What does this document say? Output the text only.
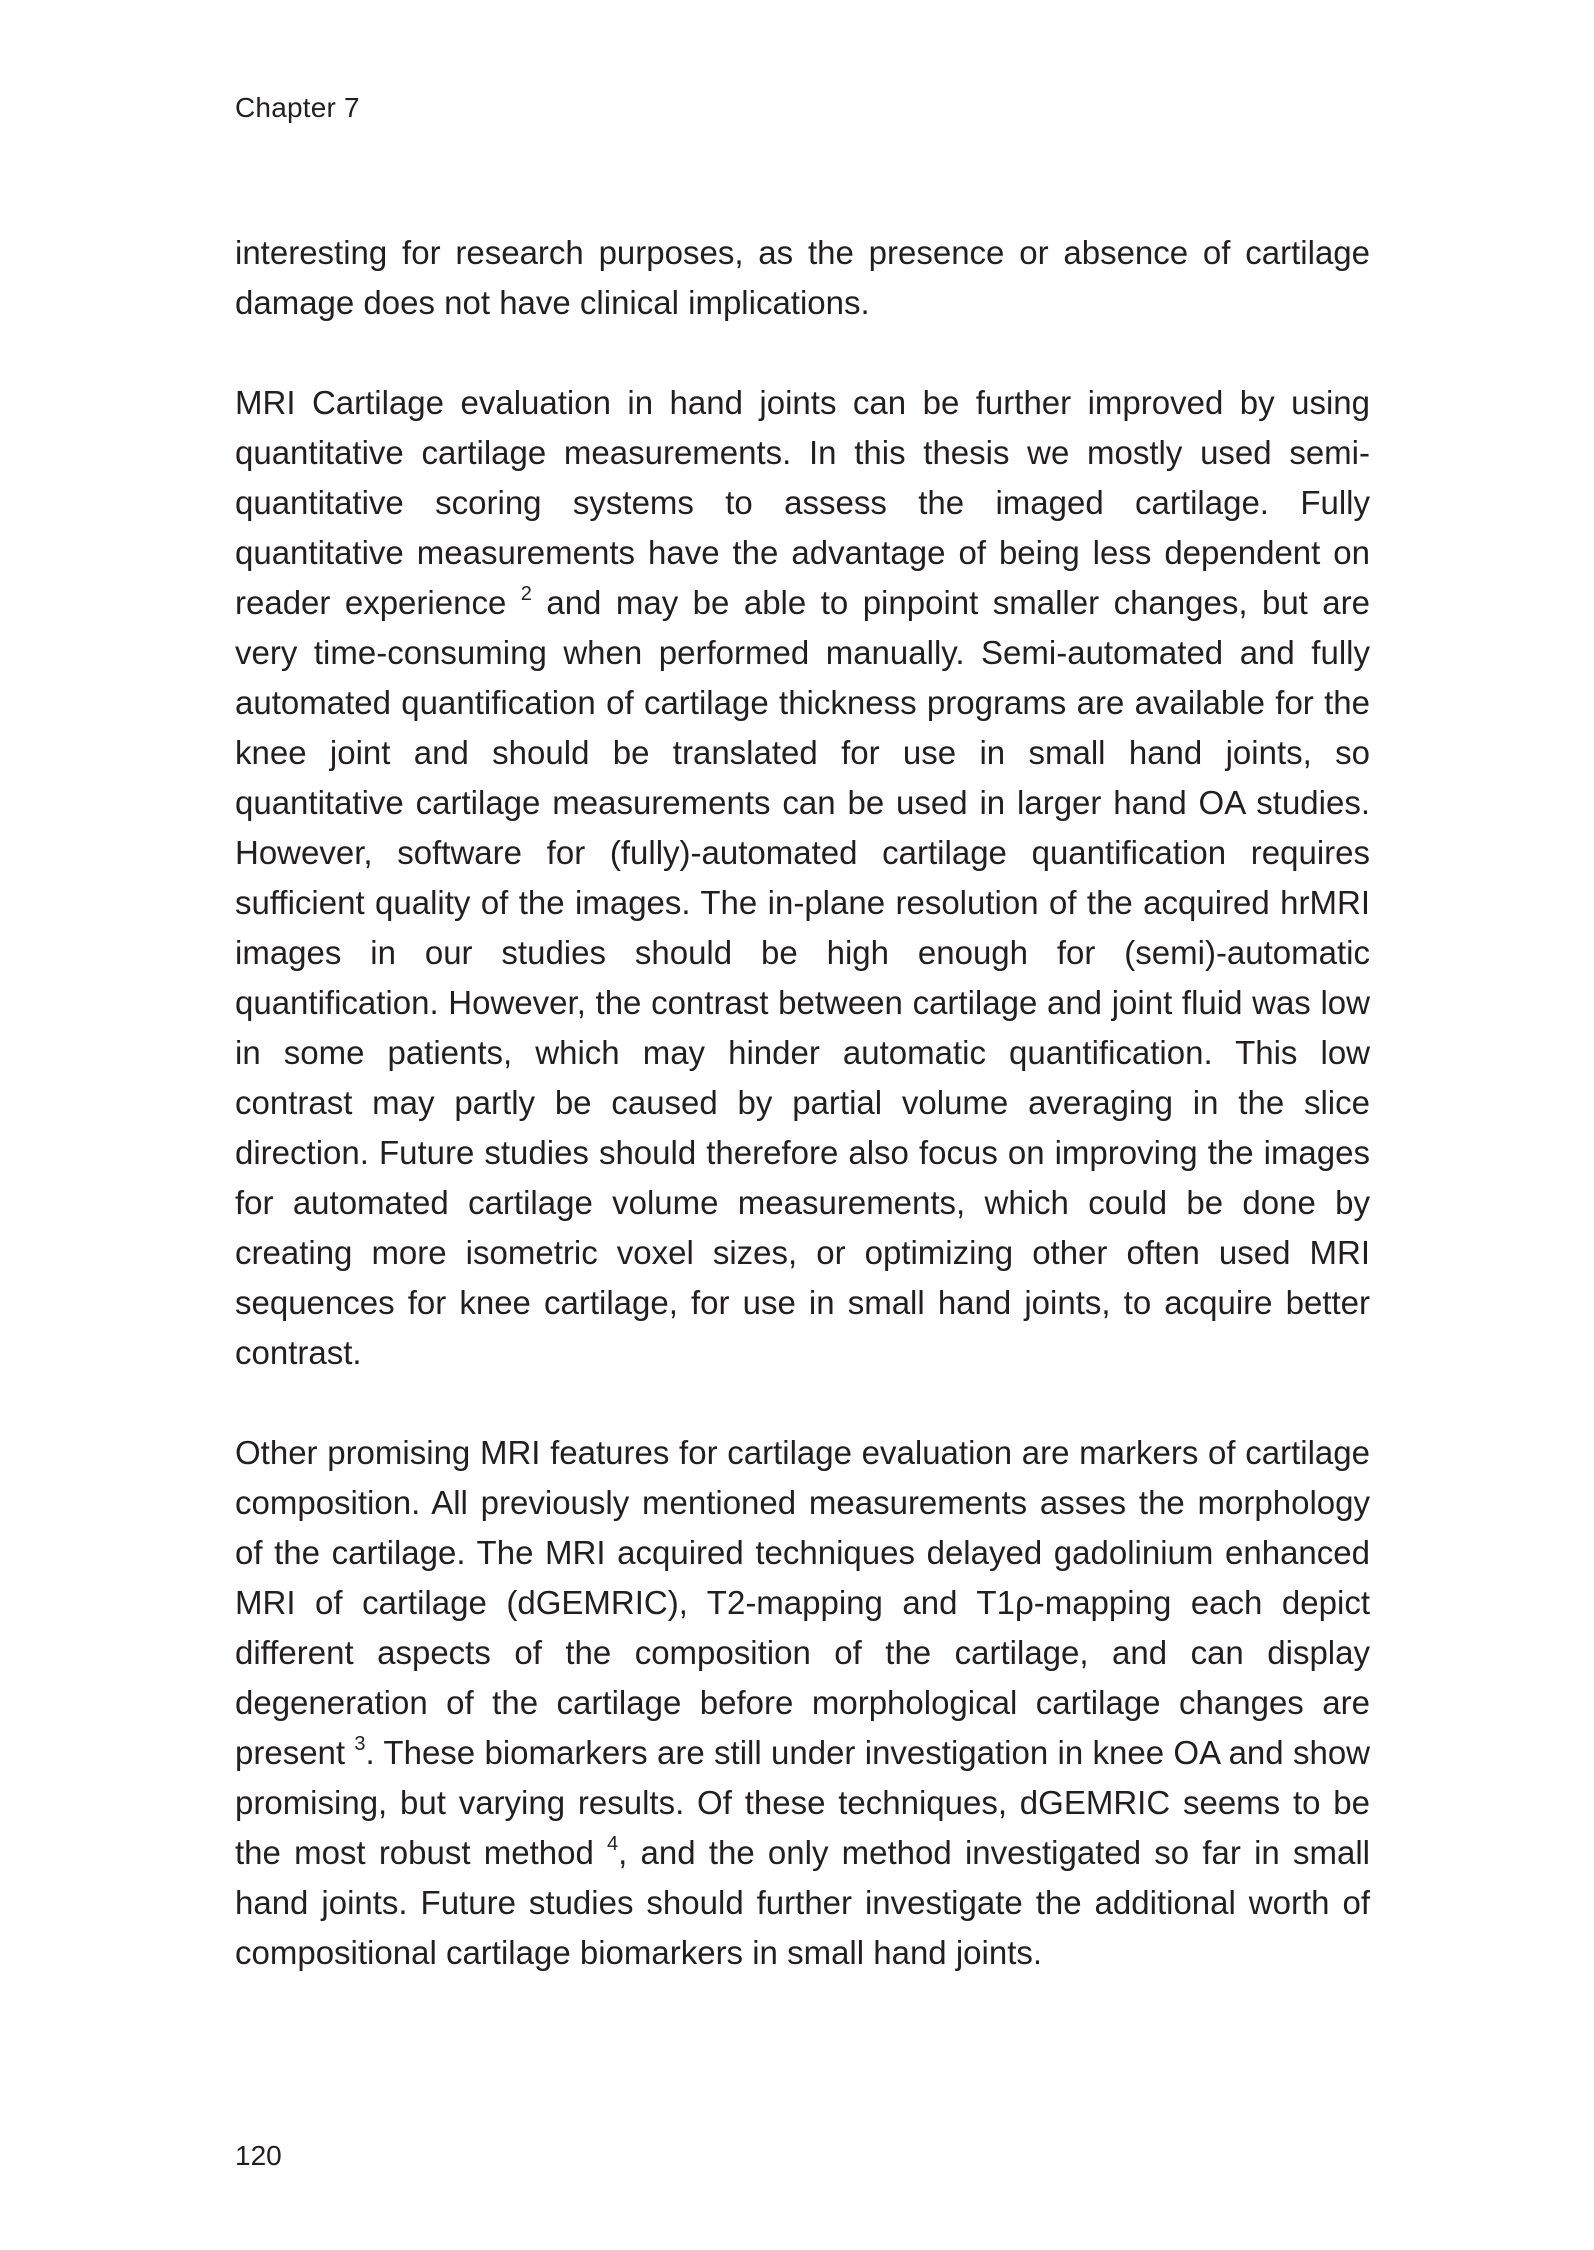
Chapter 7

interesting for research purposes, as the presence or absence of cartilage damage does not have clinical implications.

MRI Cartilage evaluation in hand joints can be further improved by using quantitative cartilage measurements. In this thesis we mostly used semi-quantitative scoring systems to assess the imaged cartilage. Fully quantitative measurements have the advantage of being less dependent on reader experience $^2$ and may be able to pinpoint smaller changes, but are very time-consuming when performed manually. Semi-automated and fully automated quantification of cartilage thickness programs are available for the knee joint and should be translated for use in small hand joints, so quantitative cartilage measurements can be used in larger hand OA studies. However, software for (fully)-automated cartilage quantification requires sufficient quality of the images. The in-plane resolution of the acquired hrMRI images in our studies should be high enough for (semi)-automatic quantification. However, the contrast between cartilage and joint fluid was low in some patients, which may hinder automatic quantification. This low contrast may partly be caused by partial volume averaging in the slice direction. Future studies should therefore also focus on improving the images for automated cartilage volume measurements, which could be done by creating more isometric voxel sizes, or optimizing other often used MRI sequences for knee cartilage, for use in small hand joints, to acquire better contrast.

Other promising MRI features for cartilage evaluation are markers of cartilage composition. All previously mentioned measurements asses the morphology of the cartilage. The MRI acquired techniques delayed gadolinium enhanced MRI of cartilage (dGEMRIC), T2-mapping and T1ρ-mapping each depict different aspects of the composition of the cartilage, and can display degeneration of the cartilage before morphological cartilage changes are present $^3$. These biomarkers are still under investigation in knee OA and show promising, but varying results. Of these techniques, dGEMRIC seems to be the most robust method $^4$, and the only method investigated so far in small hand joints. Future studies should further investigate the additional worth of compositional cartilage biomarkers in small hand joints.

120
